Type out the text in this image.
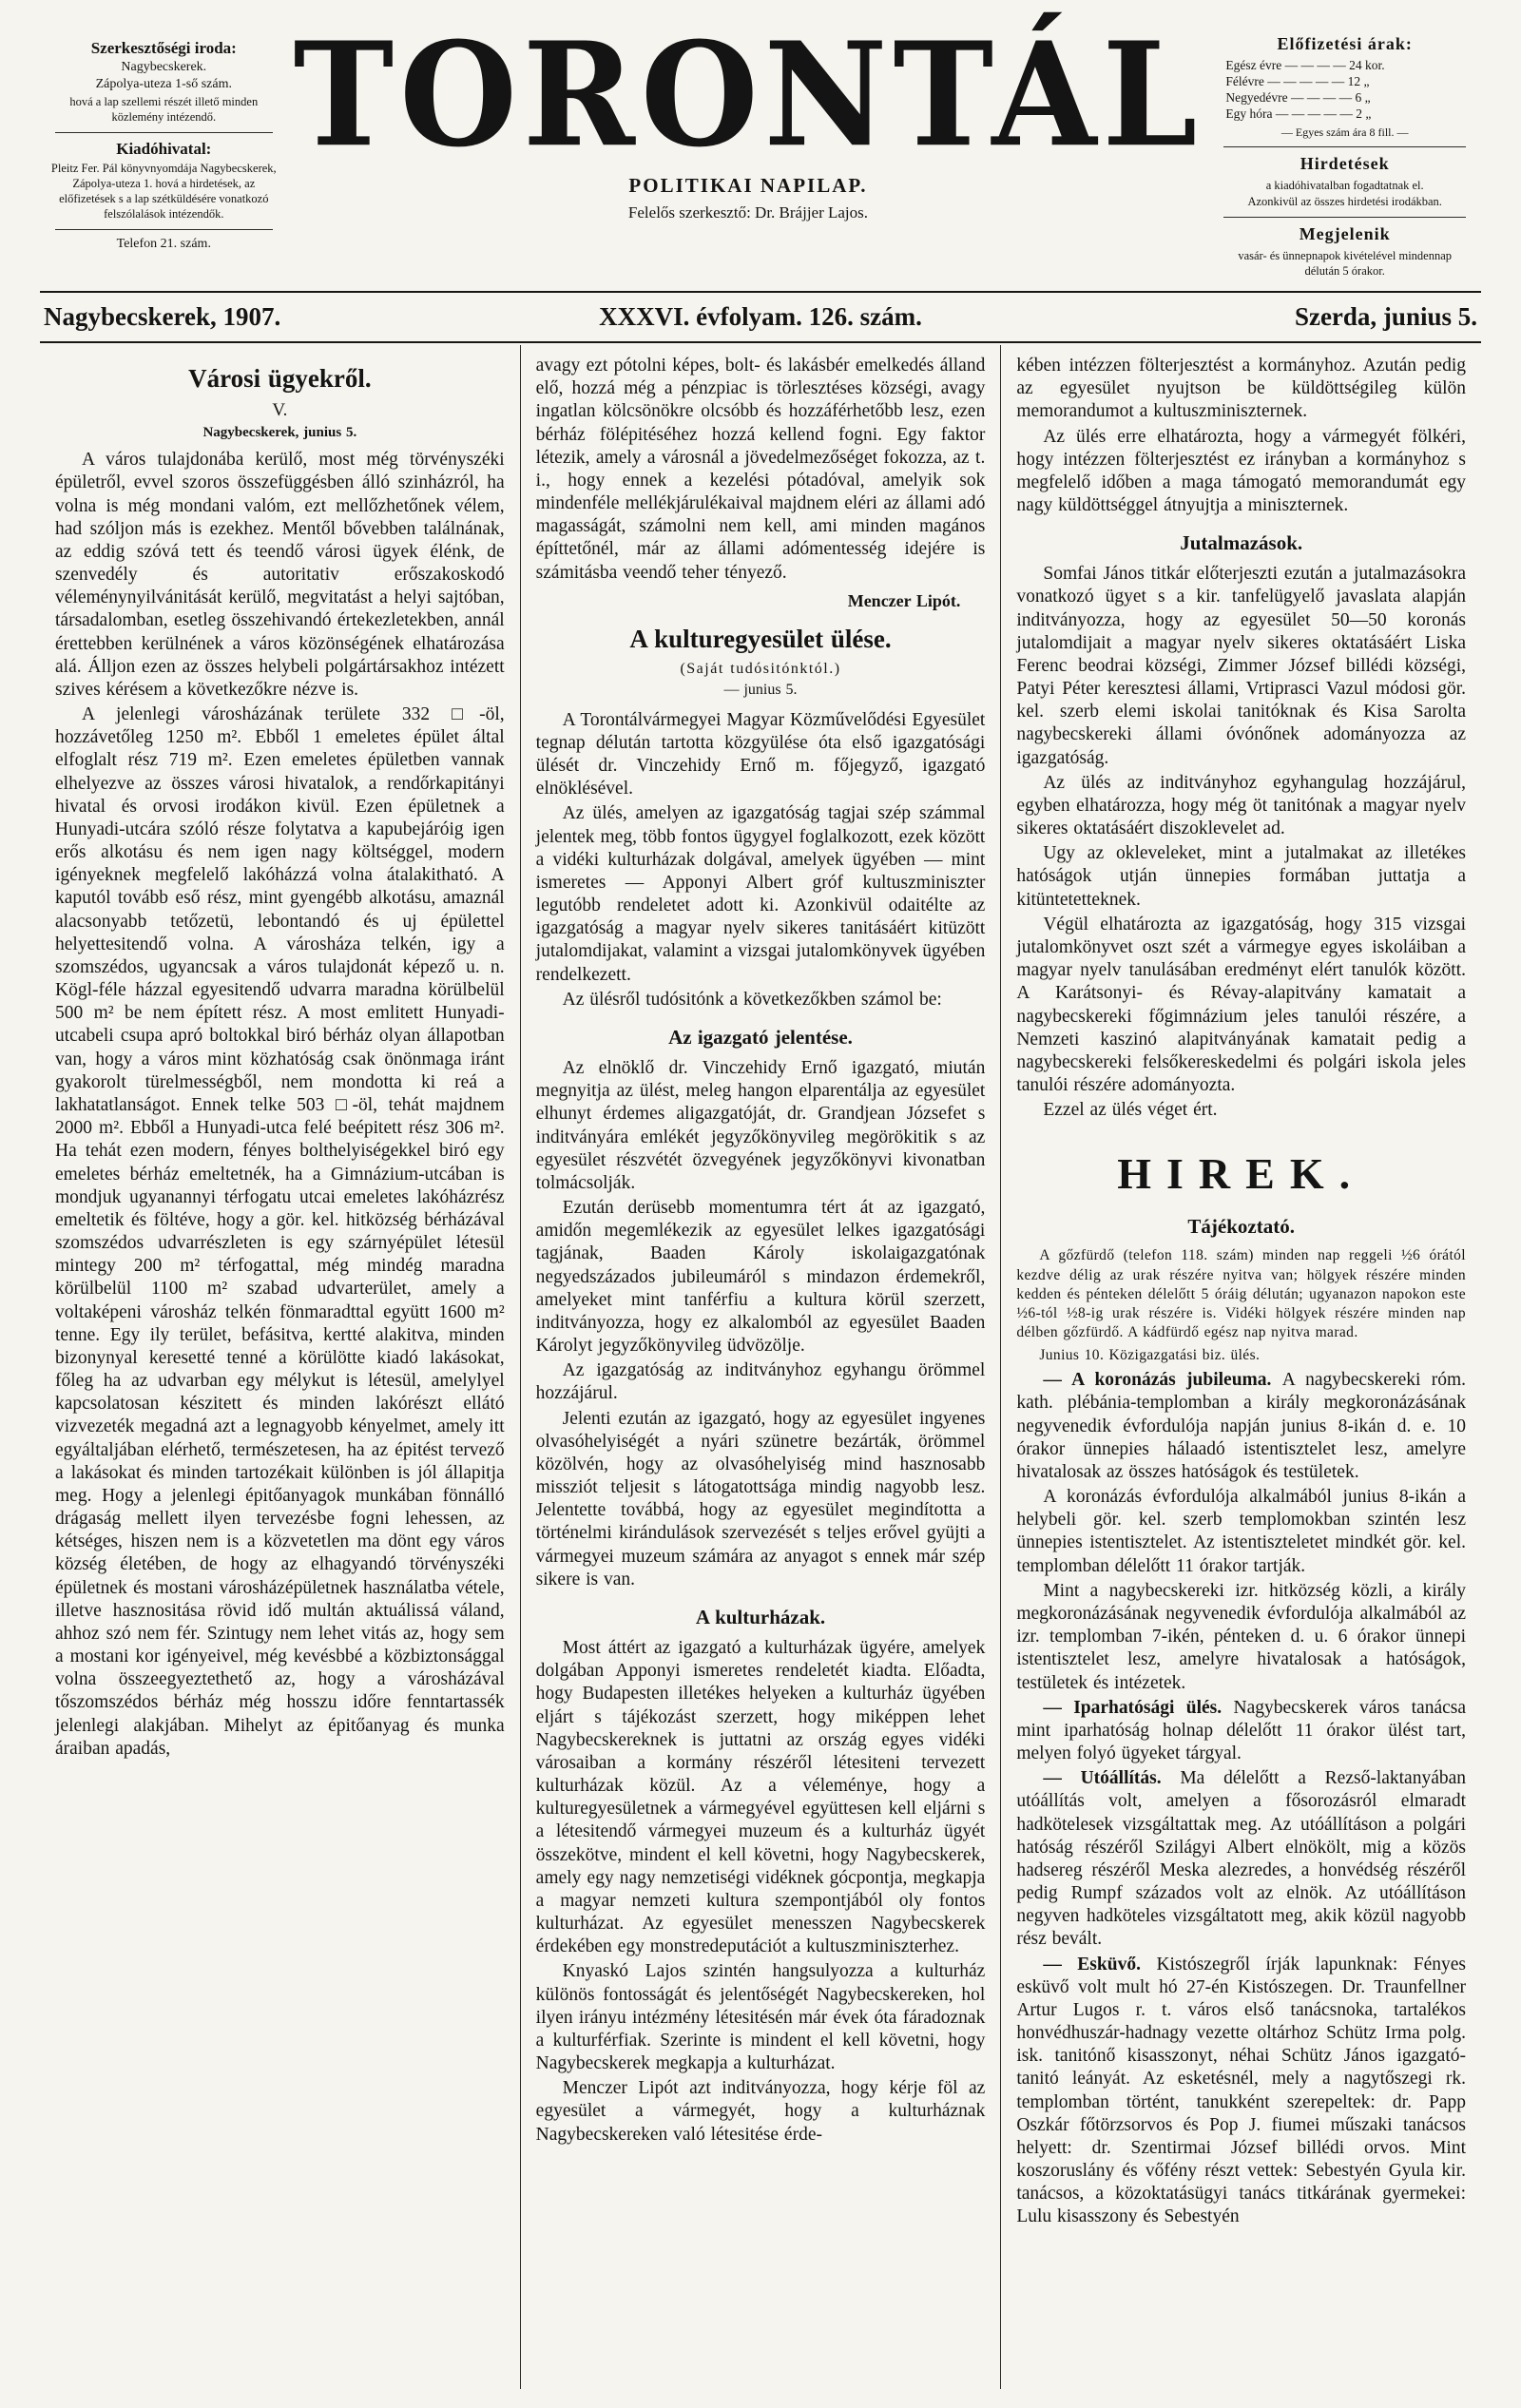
Szerkesztőségi iroda:
Nagybecskerek.
Zápolya-uteza 1-ső szám.
hová a lap szellemi részét illető minden közlemény intézendő.
Kiadóhivatal:
Pleitz Fer. Pál könyvnyomdája Nagybecskerek, Zápolya-uteza 1. hová a hirdetések, az előfizetések s a lap szétküldésére vonatkozó felszólalások intézendők.
Telefon 21. szám.
TORONTÁL
POLITIKAI NAPILAP.
Felelős szerkesztő: Dr. Brájjer Lajos.
Előfizetési árak:
Egész évre — — — — 24 kor.
Félévre — — — — — 12 „
Negyedévre — — — — 6 „
Egy hóra — — — — — 2 „
— Egyes szám ára 8 fill. —
Hirdetések
a kiadóhivatalban fogadtatnak el.
Azonkivül az összes hirdetési irodákban.
Megjelenik
vasár- és ünnepnapok kivételével mindennap délután 5 órakor.
Nagybecskerek, 1907.	XXXVI. évfolyam. 126. szám.	Szerda, junius 5.
Városi ügyekről.
V.
Nagybecskerek, junius 5.
A város tulajdonába kerülő, most még törvényszéki épületről, evvel szoros összefüggésben álló szinházról, ha volna is még mondani valóm, ezt mellőzhetőnek vélem, had szóljon más is ezekhez. Mentől bővebben találnának, az eddig szóvá tett és teendő városi ügyek élénk, de szenvedély és autoritativ erőszakoskodó véleménynyilvánitását kerülő, megvitatást a helyi sajtóban, társadalomban, esetleg összehivandó értekezletekben, annál érettebben kerülnének a város közönségének elhatározása alá. Álljon ezen az összes helybeli polgártársakhoz intézett szives kérésem a következőkre nézve is.
A jelenlegi városházának területe 332 □-öl, hozzávetőleg 1250 m². Ebből 1 emeletes épület által elfoglalt rész 719 m². Ezen emeletes épületben vannak elhelyezve az összes városi hivatalok, a rendőrkapitányi hivatal és orvosi irodákon kivül. Ezen épületnek a Hunyadi-utcára szóló része folytatva a kapubejáróig igen erős alkotásu és nem igen nagy költséggel, modern igényeknek megfelelő lakóházzá volna átalakitható. A kaputól tovább eső rész, mint gyengébb alkotásu, amaznál alacsonyabb tetőzetü, lebontandó és uj épülettel helyettesitendő volna. A városháza telkén, igy a szomszédos, ugyancsak a város tulajdonát képező u. n. Kögl-féle házzal egyesitendő udvarra maradna körülbelül 500 m² be nem épített rész. A most emlitett Hunyadi-utcabeli csupa apró boltokkal biró bérház olyan állapotban van, hogy a város mint közhatóság csak önönmaga iránt gyakorolt türelmességből, nem mondotta ki reá a lakhatatlanságot. Ennek telke 503 □-öl, tehát majdnem 2000 m². Ebből a Hunyadi-utca felé beépitett rész 306 m². Ha tehát ezen modern, fényes bolthelyiségekkel biró egy emeletes bérház emeltetnék, ha a Gimnázium-utcában is mondjuk ugyanannyi térfogatu utcai emeletes lakóházrész emeltetik és föltéve, hogy a gör. kel. hitközség bérházával szomszédos udvarrészleten is egy szárnyépület létesül mintegy 200 m² térfogattal, még mindég maradna körülbelül 1100 m² szabad udvarterület, amely a voltaképeni városház telkén fönmaradttal együtt 1600 m² tenne. Egy ily terület, befásitva, kertté alakitva, minden bizonynyal keresetté tenné a körülötte kiadó lakásokat, főleg ha az udvarban egy mélykut is létesül, amelylyel kapcsolatosan készitett és minden lakórészt ellátó vizvezeték megadná azt a legnagyobb kényelmet, amely itt egyáltaljában elérhető, természetesen, ha az épitést tervező a lakásokat és minden tartozékait különben is jól állapitja meg. Hogy a jelenlegi épitőanyagok munkában fönnálló drágaság mellett ilyen tervezésbe fogni lehessen, az kétséges, hiszen nem is a közvetetlen ma dönt egy város község életében, de hogy az elhagyandó törvényszéki épületnek és mostani városházépületnek használatba vétele, illetve hasznositása rövid idő multán aktuálissá váland, ahhoz szó nem fér. Szintugy nem lehet vitás az, hogy sem a mostani kor igényeivel, még kevésbbé a közbiztonsággal volna összeegyeztethető az, hogy a városházával tőszomszédos bérház még hosszu időre fenntartassék jelenlegi alakjában. Mihelyt az épitőanyag és munka áraiban apadás,
avagy ezt pótolni képes, bolt- és lakásbér emelkedés álland elő, hozzá még a pénzpiac is törlesztéses községi, avagy ingatlan kölcsönökre olcsóbb és hozzáférhetőbb lesz, ezen bérház fölépitéséhez hozzá kellend fogni. Egy faktor létezik, amely a városnál a jövedelmezőséget fokozza, az t. i., hogy ennek a kezelési pótadóval, amelyik sok mindenféle mellékjárulékaival majdnem eléri az állami adó magasságát, számolni nem kell, ami minden magános építtetőnél, már az állami adómentesség idejére is számitásba veendő teher tényező.
Menczer Lipót.
A kulturegyesület ülése.
(Saját tudósitónktól.)
— junius 5.
A Torontálvármegyei Magyar Közművelődési Egyesület tegnap délután tartotta közgyülése óta első igazgatósági ülését dr. Vinczehidy Ernő m. főjegyző, igazgató elnöklésével.
Az ülés, amelyen az igazgatóság tagjai szép számmal jelentek meg, több fontos ügygyel foglalkozott, ezek között a vidéki kulturházak dolgával, amelyek ügyében — mint ismeretes — Apponyi Albert gróf kultuszminiszter legutóbb rendeletet adott ki. Azonkivül odaitélte az igazgatóság a magyar nyelv sikeres tanitásáért kitüzött jutalomdijakat, valamint a vizsgai jutalomkönyvek ügyében rendelkezett.
Az ülésről tudósitónk a következőkben számol be:
Az igazgató jelentése.
Az elnöklő dr. Vinczehidy Ernő igazgató, miután megnyitja az ülést, meleg hangon elparentálja az egyesület elhunyt érdemes aligazgatóját, dr. Grandjean Józsefet s inditványára emlékét jegyzőkönyvileg megörökitik s az egyesület részvétét özvegyének jegyzőkönyvi kivonatban tolmácsolják.
Ezután derüsebb momentumra tért át az igazgató, amidőn megemlékezik az egyesület lelkes igazgatósági tagjának, Baaden Károly iskolaigazgatónak negyedszázados jubileumáról s mindazon érdemekről, amelyeket mint tanférfiu a kultura körül szerzett, inditványozza, hogy ez alkalomból az egyesület Baaden Károlyt jegyzőkönyvileg üdvözölje.
Az igazgatóság az inditványhoz egyhangu örömmel hozzájárul.
Jelenti ezután az igazgató, hogy az egyesület ingyenes olvasóhelyiségét a nyári szünetre bezárták, örömmel közölvén, hogy az olvasóhelyiség mind hasznosabb missziót teljesit s látogatottsága mindig nagyobb lesz. Jelentette továbbá, hogy az egyesület megindította a történelmi kirándulások szervezését s teljes erővel gyüjti a vármegyei muzeum számára az anyagot s ennek már szép sikere is van.
A kulturházak.
Most áttért az igazgató a kulturházak ügyére, amelyek dolgában Apponyi ismeretes rendeletét kiadta. Előadta, hogy Budapesten illetékes helyeken a kulturház ügyében eljárt s tájékozást szerzett, hogy miképpen lehet Nagybecskereknek is juttatni az ország egyes vidéki városaiban a kormány részéről létesiteni tervezett kulturházak közül. Az a véleménye, hogy a kulturegyesületnek a vármegyével együttesen kell eljárni s a létesitendő vármegyei muzeum és a kulturház ügyét összekötve, mindent el kell követni, hogy Nagybecskerek, amely egy nagy nemzetiségi vidéknek gócpontja, megkapja a magyar nemzeti kultura szempontjából oly fontos kulturházat. Az egyesület menesszen Nagybecskerek érdekében egy monstredeputációt a kultuszminiszterhez.
Knyaskó Lajos szintén hangsulyozza a kulturház különös fontosságát és jelentőségét Nagybecskereken, hol ilyen irányu intézmény létesitésén már évek óta fáradoznak a kulturférfiak. Szerinte is mindent el kell követni, hogy Nagybecskerek megkapja a kulturházat.
Menczer Lipót azt inditványozza, hogy kérje föl az egyesület a vármegyét, hogy a kulturháznak Nagybecskereken való létesitése érde-
kében intézzen fölterjesztést a kormányhoz. Azután pedig az egyesület nyujtson be küldöttségileg külön memorandumot a kultuszminiszternek.
Az ülés erre elhatározta, hogy a vármegyét fölkéri, hogy intézzen fölterjesztést ez irányban a kormányhoz s megfelelő időben a maga támogató memorandumát egy nagy küldöttséggel átnyujtja a miniszternek.
Jutalmazások.
Somfai János titkár előterjeszti ezután a jutalmazásokra vonatkozó ügyet s a kir. tanfelügyelő javaslata alapján inditványozza, hogy az egyesület 50—50 koronás jutalomdijait a magyar nyelv sikeres oktatásáért Liska Ferenc beodrai községi, Zimmer József billédi községi, Patyi Péter keresztesi állami, Vrtiprasci Vazul módosi gör. kel. szerb elemi iskolai tanitóknak és Kisa Sarolta nagybecskereki állami óvónőnek adományozza az igazgatóság.
Az ülés az inditványhoz egyhangulag hozzájárul, egyben elhatározza, hogy még öt tanitónak a magyar nyelv sikeres oktatásáért diszoklevelet ad.
Ugy az okleveleket, mint a jutalmakat az illetékes hatóságok utján ünnepies formában juttatja a kitüntetetteknek.
Végül elhatározta az igazgatóság, hogy 315 vizsgai jutalomkönyvet oszt szét a vármegye egyes iskoláiban a magyar nyelv tanulásában eredményt elért tanulók között. A Karátsonyi- és Révay-alapitvány kamatait a nagybecskereki főgimnázium jeles tanulói részére, a Nemzeti kaszinó alapitványának kamatait pedig a nagybecskereki felsőkereskedelmi és polgári iskola jeles tanulói részére adományozta.
Ezzel az ülés véget ért.
HIREK.
Tájékoztató.
A gőzfürdő (telefon 118. szám) minden nap reggeli ½6 órától kezdve délig az urak részére nyitva van; hölgyek részére minden kedden és pénteken délelőtt 5 óráig délután; ugyanazon napokon este ½6-tól ½8-ig urak részére is. Vidéki hölgyek részére minden nap délben gőzfürdő. A kádfürdő egész nap nyitva marad.
Junius 10. Közigazgatási biz. ülés.
— A koronázás jubileuma. A nagybecskereki róm. kath. plébánia-templomban a király megkoronázásának negyvenedik évfordulója napján junius 8-ikán d. e. 10 órakor ünnepies hálaadó istentisztelet lesz, amelyre hivatalosak az összes hatóságok és testületek.
A koronázás évfordulója alkalmából junius 8-ikán a helybeli gör. kel. szerb templomokban szintén lesz ünnepies istentisztelet. Az istentiszteletet mindkét gör. kel. templomban délelőtt 11 órakor tartják.
Mint a nagybecskereki izr. hitközség közli, a király megkoronázásának negyvenedik évfordulója alkalmából az izr. templomban 7-ikén, pénteken d. u. 6 órakor ünnepi istentisztelet lesz, amelyre hivatalosak a hatóságok, testületek és intézetek.
— Iparhatósági ülés. Nagybecskerek város tanácsa mint iparhatóság holnap délelőtt 11 órakor ülést tart, melyen folyó ügyeket tárgyal.
— Utóállítás. Ma délelőtt a Rezső-laktanyában utóállítás volt, amelyen a fősorozásról elmaradt hadkötelesek vizsgáltattak meg. Az utóállításon a polgári hatóság részéről Szilágyi Albert elnökölt, mig a közös hadsereg részéről Meska alezredes, a honvédség részéről pedig Rumpf százados volt az elnök. Az utóállításon negyven hadköteles vizsgáltatott meg, akik közül nagyobb rész bevált.
— Esküvő. Kistószegről írják lapunknak: Fényes esküvő volt mult hó 27-én Kistószegen. Dr. Traunfellner Artur Lugos r. t. város első tanácsnoka, tartalékos honvédhuszár-hadnagy vezette oltárhoz Schütz Irma polg. isk. tanitónő kisasszonyt, néhai Schütz János igazgató-tanitó leányát. Az esketésnél, mely a nagytőszegi rk. templomban történt, tanukként szerepeltek: dr. Papp Oszkár főtörzsorvos és Pop J. fiumei műszaki tanácsos helyett: dr. Szentirmai József billédi orvos. Mint koszoruslány és vőfény részt vettek: Sebestyén Gyula kir. tanácsos, a közoktatásügyi tanács titkárának gyermekei: Lulu kisasszony és Sebestyén
